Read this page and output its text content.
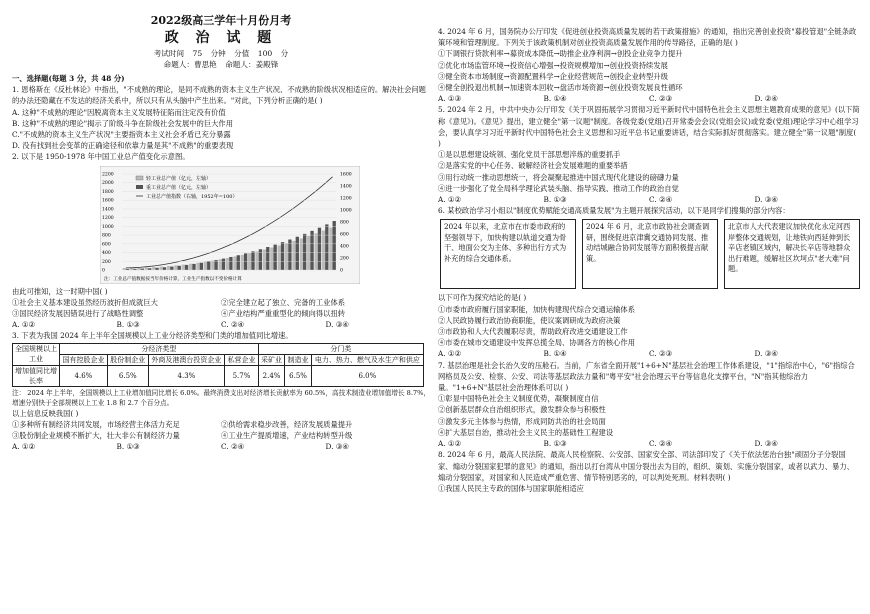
2022级高三学年十月份月考
政 治 试 题
考试时间 75 分钟 分值 100 分
命题人：曹思艳 命题人：姜殿锋

一、选择题(每题 3 分，共 48 分)

1. 恩格斯在《反杜林论》中指出，"不成熟的理论，是同不成熟的资本主义生产状况、不成熟的阶级状况相适应的。解决社会问题的办法还隐藏在不发达的经济关系中，所以只有从头脑中产生出来。"对此，下列分析正确的是( )

A. 这种"不成熟的理论"因脱离资本主义发展特征陷而注定没有价值

B. 这种"不成熟的理论"揭示了阶级斗争在阶级社会发展中的巨大作用

C."不成熟的资本主义生产状况"主要指资本主义社会矛盾已充分暴露

D. 没有找到社会变革的正确途径和依靠力量是其"不成熟"的重要表现

2. 以下是 1950-1978 年中国工业总产值变化示意图。

2200
2000
1800
1600
1400
1200
1000
800
600
400
200
0
1600
1400
1200
1000
800
600
400
200
0
轻工业总产值（亿元，左轴）
重工业总产值（亿元，左轴）
工业总产值指数（右轴，1952年=100）
注：工业总产值数据按当年价格计算，工业生产指数以不变价格计算

由此可推知，这一时期中国( )

①社会主义基本建设虽然经历波折但成就巨大	②完全建立起了独立、完备的工业体系
③国民经济发展因错误进行了战略性调整	④产业结构严重重型化的倾向得以扭转
A. ①②	B. ①③	C. ②④	D. ③④

3. 下表为我国 2024 年上半年全国规模以上工业分经济类型和门类的增加值同比增速。

全国规模以上工业	分经济类型				分门类		
	国有控股企业	股份制企业	外商及港澳台投资企业	私营企业	采矿业	制造业	电力、热力、燃气及水生产和供应
增加值同比增长率	4.6%	6.5%	4.3%	5.7%	2.4%	6.5%	6.0%

注： 2024 年上半年，全国规模以上工业增加值同比增长 6.0%。最终消费支出对经济增长贡献率为 60.5%，高技术制造业增加值增长 8.7%，增速分别快于全部规模以上工业 1.8 和 2.7 个百分点。

以上信息反映我国( )

①多种所有制经济共同发展，市场经营主体活力充足	②供给需求稳步改善，经济发展质量提升
③股份制企业规模不断扩大，壮大非公有制经济力量	④工业生产提质增速，产业结构转型升级
A. ①②	B. ①③	C. ②④	D. ③④

4. 2024 年 6 月，国务院办公厅印发《促进创业投资高质量发展的若干政策措施》的通知，指出完善创业投资"募投管退"全链条政策环境和管理制度。下列关于该政策机制对创业投资高质量发展作用的传导路径，正确的是( )

①下调银行贷款利率→募资成本降低→助推企业净利润→创投企业竞争力提升

②优化市场监管环境→投资信心增强→投资规模增加→创业投资持续发展

③健全资本市场制度→资源配置科学→企业经营规范→创投企业转型升级

④健全创投退出机制→加速资本回收→盘活市场资源→创业投资发展良性循环

A. ①③	B. ①④	C. ②③	D. ②④

5. 2024 年 2 月，中共中央办公厅印发《关于巩固拓展学习贯彻习近平新时代中国特色社会主义思想主题教育成果的意见》(以下简称《意见》)。《意见》提出，建立健全"第一议题"制度。各级党委(党组)召开常委会会议(党组会议)或党委(党组)理论学习中心组学习会，要认真学习习近平新时代中国特色社会主义思想和习近平总书记重要讲话，结合实际抓好贯彻落实。建立健全"第一议题"制度( )

①是以思想建设统领、强化党员干部思想淬炼的重要抓手

②是落实党的中心任务、破解经济社会发展难题的重要举措

③用行动统一推动思想统一，将会凝聚起推进中国式现代化建设的磅礴力量

④进一步强化了党全局科学理论武装头脑、指导实践、推动工作的政治自觉

A. ①②	B. ①③	C. ②④	D. ③④

6. 某校政治学习小组以"制度优势赋能交通高质量发展"为主题开展探究活动，以下是同学们搜集的部分内容：

2024 年以来，北京市在市委市政府的坚强领导下，加快构建以轨道交通为骨干、地面公交为主体、多种出行方式为补充的综合交通体系。
2024 年 6 月，北京市政协社会调查调研，围绕促进京津冀交通协同发展、推动结城融合协同发展等方面积极提言献策。
北京市人大代表建议加快优化永定河西岸整体交通规划，让地铁向西延伸到长辛店老镇区域内，解决长辛店等地群众出行难题，缓解社区坎坷点"老大难"问题。

以下可作为探究结论的是( )

①市委市政府履行国家职能，加快构建现代综合交通运输体系

②人民政协履行政治协商职能，使议案调研成为政府决策

③市政协和人大代表履职尽责，帮助政府改进交通建设工作

④市委在城市交通建设中发挥总揽全局、协调各方的核心作用

A. ①②	B. ①④	C. ②③	D. ③④

7. 基层治理是社会长治久安的压舱石。当前，广东省全面开展"1+6+N"基层社会治理工作体系建设，"1"指综治中心，"6"指综合网格员及公安、检察、公安、司法等基层政法力量和"粤平安"社会治理云平台等信息化支撑平台，"N"指其他综治力量。"1+6+N"基层社会治理体系可以( )

①彰显中国特色社会主义制度优势，凝聚制度自信

②创新基层群众自治组织形式，激发群众参与积极性

③激发多元主体参与热情，形成同防共治的社会局面

④扩大基层自治，推动社会主义民主的基础性工程建设

A. ①②	B. ①③	C. ②④	D. ③④

8. 2024 年 6 月，最高人民法院、最高人民检察院、公安部、国家安全部、司法部印发了《关于依法惩治台独"顽固分子分裂国家、煽动分裂国家犯罪的意见》的通知，指出以打台湾从中国分裂出去为目的，组织、策划、实施分裂国家，或者以武力、暴力、煽动分裂国家，对国家和人民造成严重危害、情节特别恶劣的，可以判处死刑。材料表明( )

①我国人民民主专政的国体与国家职能相适应
